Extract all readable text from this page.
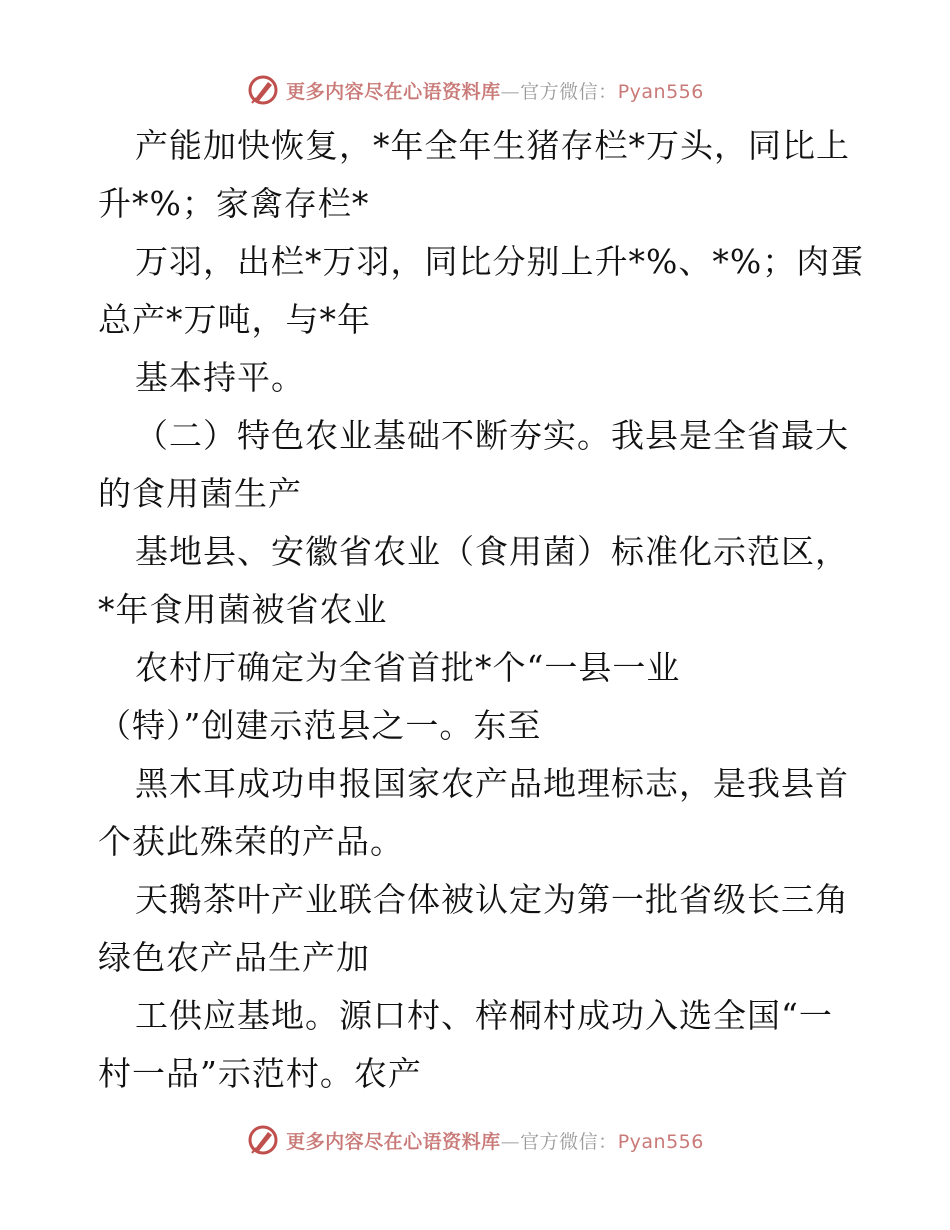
更多内容尽在心语资料库—官方微信：Pyan556
产能加快恢复，*年全年生猪存栏*万头，同比上
升*%；家禽存栏*
万羽，出栏*万羽，同比分别上升*%、*%；肉蛋
总产*万吨，与*年
基本持平。
（二）特色农业基础不断夯实。我县是全省最大
的食用菌生产
基地县、安徽省农业（食用菌）标准化示范区，
*年食用菌被省农业
农村厅确定为全省首批*个“一县一业
（特）”创建示范县之一。东至
黑木耳成功申报国家农产品地理标志，是我县首
个获此殊荣的产品。
天鹅茶叶产业联合体被认定为第一批省级长三角
绿色农产品生产加
工供应基地。源口村、梓桐村成功入选全国“一
村一品”示范村。农产
更多内容尽在心语资料库—官方微信：Pyan556
